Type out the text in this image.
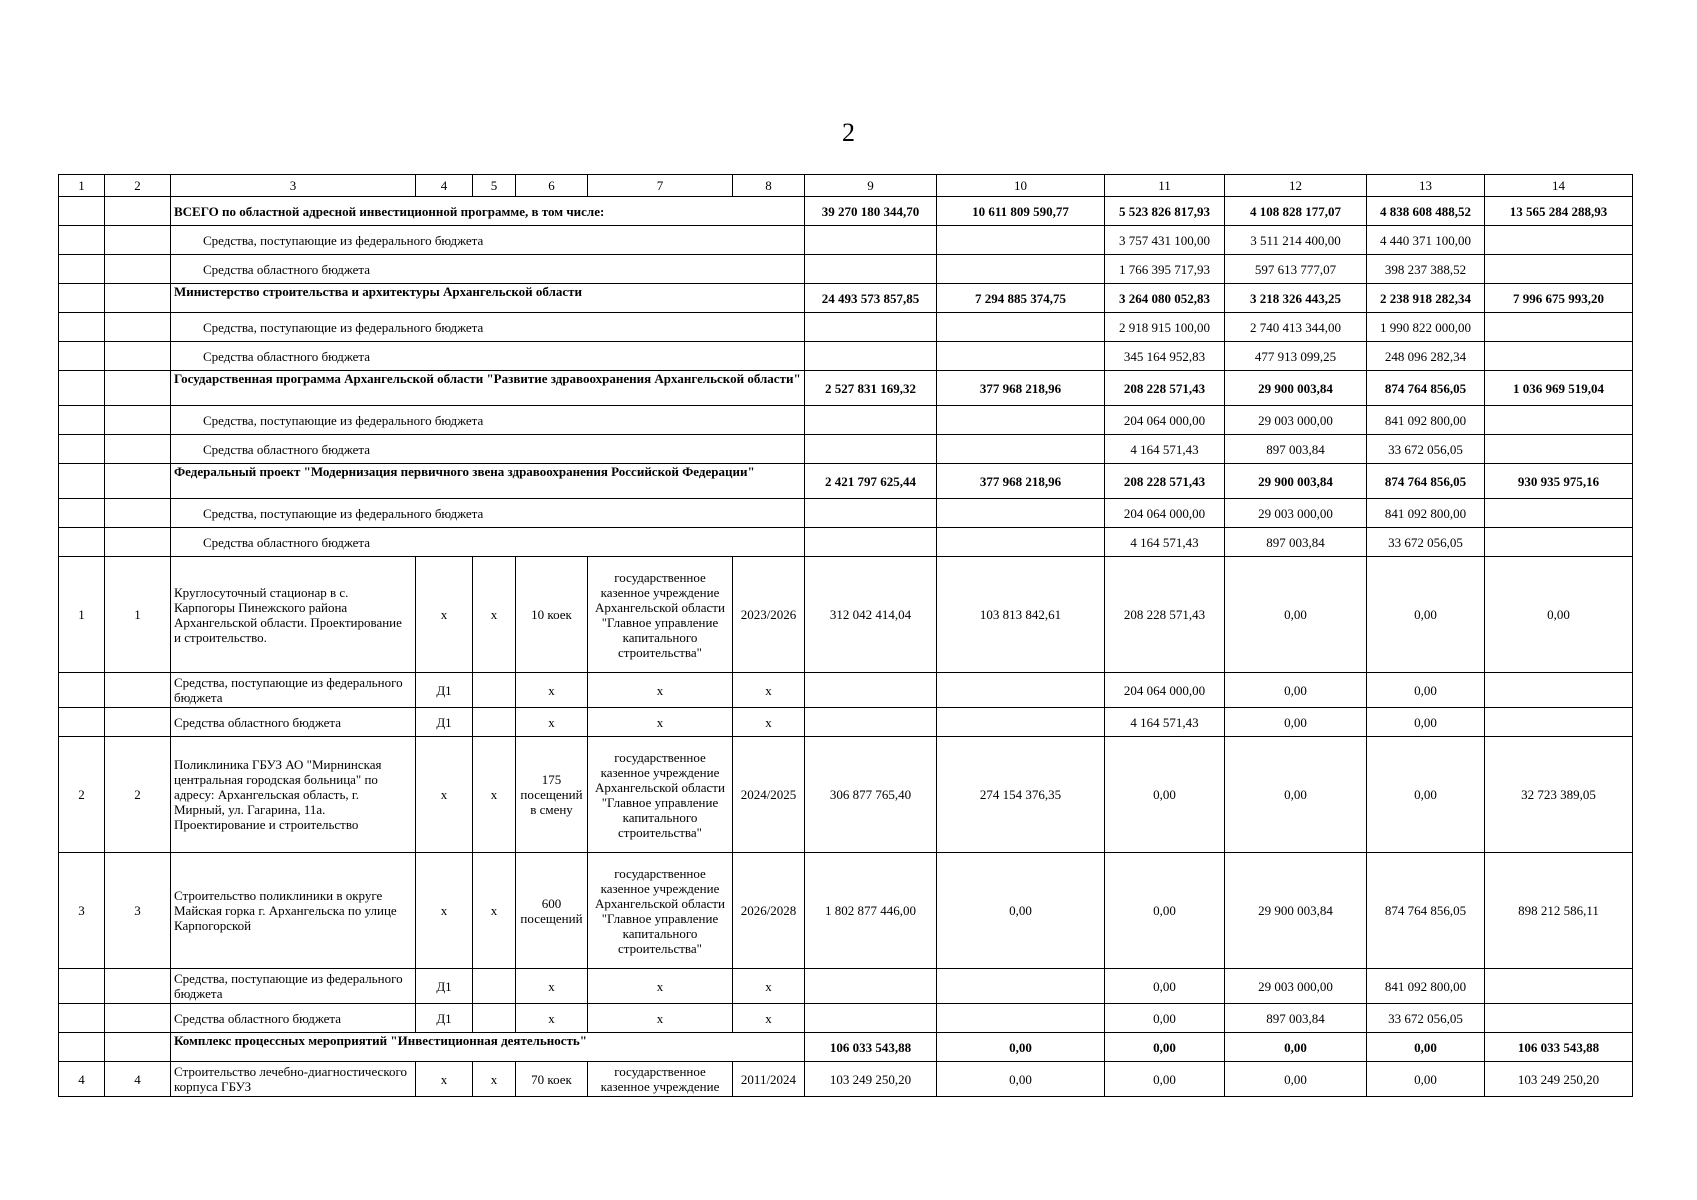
2
1	2	3	4	5	6	7	8	9	10	11	12	13	14
		ВСЕГО по областной адресной инвестиционной программе, в том числе:						39 270 180 344,70	10 611 809 590,77	5 523 826 817,93	4 108 828 177,07	4 838 608 488,52	13 565 284 288,93
		Средства, поступающие из федерального бюджета								3 757 431 100,00	3 511 214 400,00	4 440 371 100,00	
		Средства областного бюджета								1 766 395 717,93	597 613 777,07	398 237 388,52	
		Министерство строительства и архитектуры Архангельской области						24 493 573 857,85	7 294 885 374,75	3 264 080 052,83	3 218 326 443,25	2 238 918 282,34	7 996 675 993,20
		Средства, поступающие из федерального бюджета								2 918 915 100,00	2 740 413 344,00	1 990 822 000,00	
		Средства областного бюджета								345 164 952,83	477 913 099,25	248 096 282,34	
		Государственная программа Архангельской области "Развитие здравоохранения Архангельской области"						2 527 831 169,32	377 968 218,96	208 228 571,43	29 900 003,84	874 764 856,05	1 036 969 519,04
		Средства, поступающие из федерального бюджета								204 064 000,00	29 003 000,00	841 092 800,00	
		Средства областного бюджета								4 164 571,43	897 003,84	33 672 056,05	
		Федеральный проект "Модернизация первичного звена здравоохранения Российской Федерации"						2 421 797 625,44	377 968 218,96	208 228 571,43	29 900 003,84	874 764 856,05	930 935 975,16
		Средства, поступающие из федерального бюджета								204 064 000,00	29 003 000,00	841 092 800,00	
		Средства областного бюджета								4 164 571,43	897 003,84	33 672 056,05	
1	1	Круглосуточный стационар в с. Карпогоры Пинежского района Архангельской области. Проектирование и строительство.	х	х	10 коек	государственное казенное учреждение Архангельской области "Главное управление капитального строительства"	2023/2026	312 042 414,04	103 813 842,61	208 228 571,43	0,00	0,00	0,00
		Средства, поступающие из федерального бюджета	Д1		х	х	х			204 064 000,00	0,00	0,00	
		Средства областного бюджета	Д1		х	х	х			4 164 571,43	0,00	0,00	
2	2	Поликлиника ГБУЗ АО "Мирнинская центральная городская больница" по адресу: Архангельская область, г. Мирный, ул. Гагарина, 11а. Проектирование и строительство	х	х	175 посещений в смену	государственное казенное учреждение Архангельской области "Главное управление капитального строительства"	2024/2025	306 877 765,40	274 154 376,35	0,00	0,00	0,00	32 723 389,05
3	3	Строительство поликлиники в округе Майская горка г. Архангельска по улице Карпогорской	х	х	600 посещений	государственное казенное учреждение Архангельской области "Главное управление капитального строительства"	2026/2028	1 802 877 446,00	0,00	0,00	29 900 003,84	874 764 856,05	898 212 586,11
		Средства, поступающие из федерального бюджета	Д1		х	х	х			0,00	29 003 000,00	841 092 800,00	
		Средства областного бюджета	Д1		х	х	х			0,00	897 003,84	33 672 056,05	
		Комплекс процессных мероприятий "Инвестиционная деятельность"						106 033 543,88	0,00	0,00	0,00	0,00	106 033 543,88
4	4	Строительство лечебно-диагностического корпуса ГБУЗ	х	х	70 коек	государственное казенное учреждение	2011/2024	103 249 250,20	0,00	0,00	0,00	0,00	103 249 250,20
